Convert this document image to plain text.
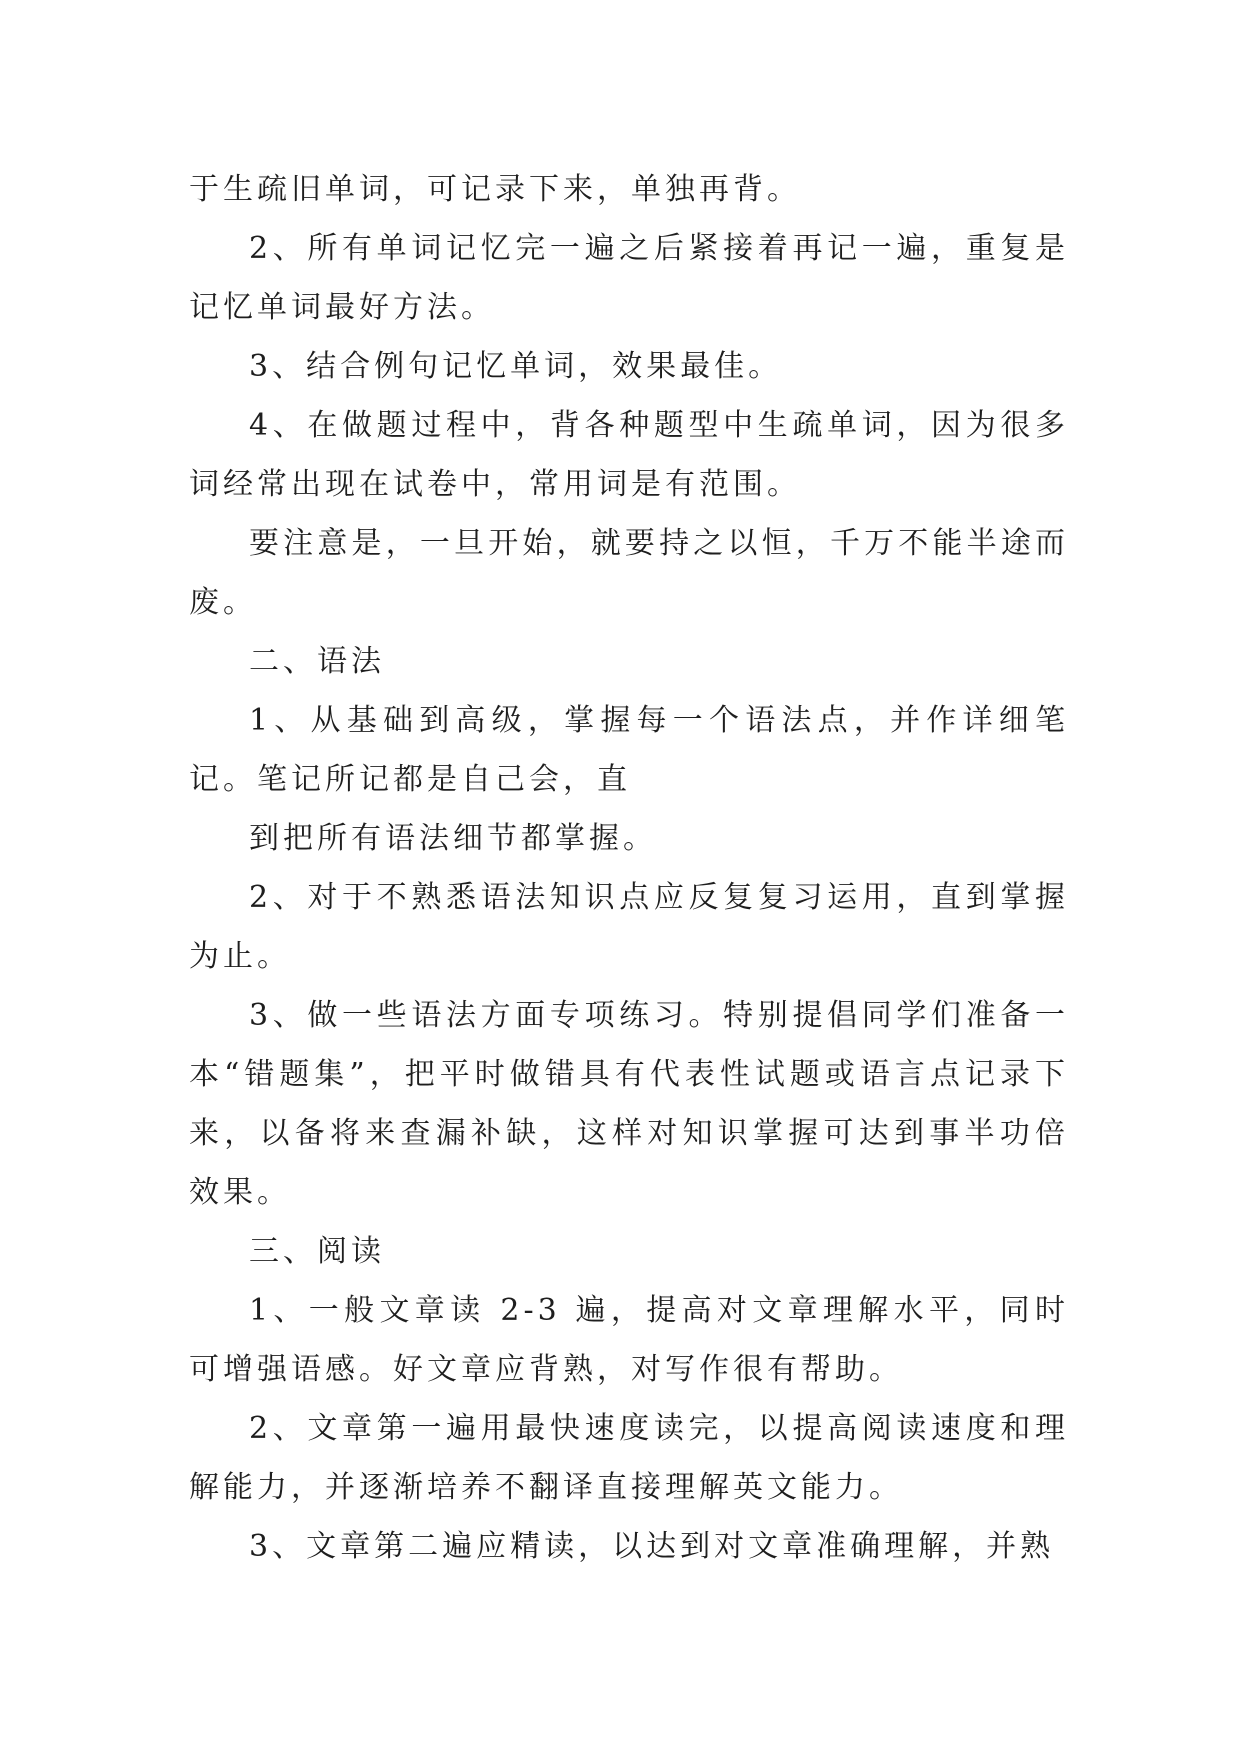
于生疏旧单词，可记录下来，单独再背。

2、所有单词记忆完一遍之后紧接着再记一遍，重复是记忆单词最好方法。

3、结合例句记忆单词，效果最佳。

4、在做题过程中，背各种题型中生疏单词，因为很多词经常出现在试卷中，常用词是有范围。

要注意是，一旦开始，就要持之以恒，千万不能半途而废。

二、语法

1、从基础到高级，掌握每一个语法点，并作详细笔记。笔记所记都是自己会，直

到把所有语法细节都掌握。

2、对于不熟悉语法知识点应反复复习运用，直到掌握为止。

3、做一些语法方面专项练习。特别提倡同学们准备一本“错题集”，把平时做错具有代表性试题或语言点记录下来，以备将来查漏补缺，这样对知识掌握可达到事半功倍效果。

三、阅读

1、一般文章读 2-3 遍，提高对文章理解水平，同时可增强语感。好文章应背熟，对写作很有帮助。

2、文章第一遍用最快速度读完，以提高阅读速度和理解能力，并逐渐培养不翻译直接理解英文能力。

3、文章第二遍应精读，以达到对文章准确理解，并熟
